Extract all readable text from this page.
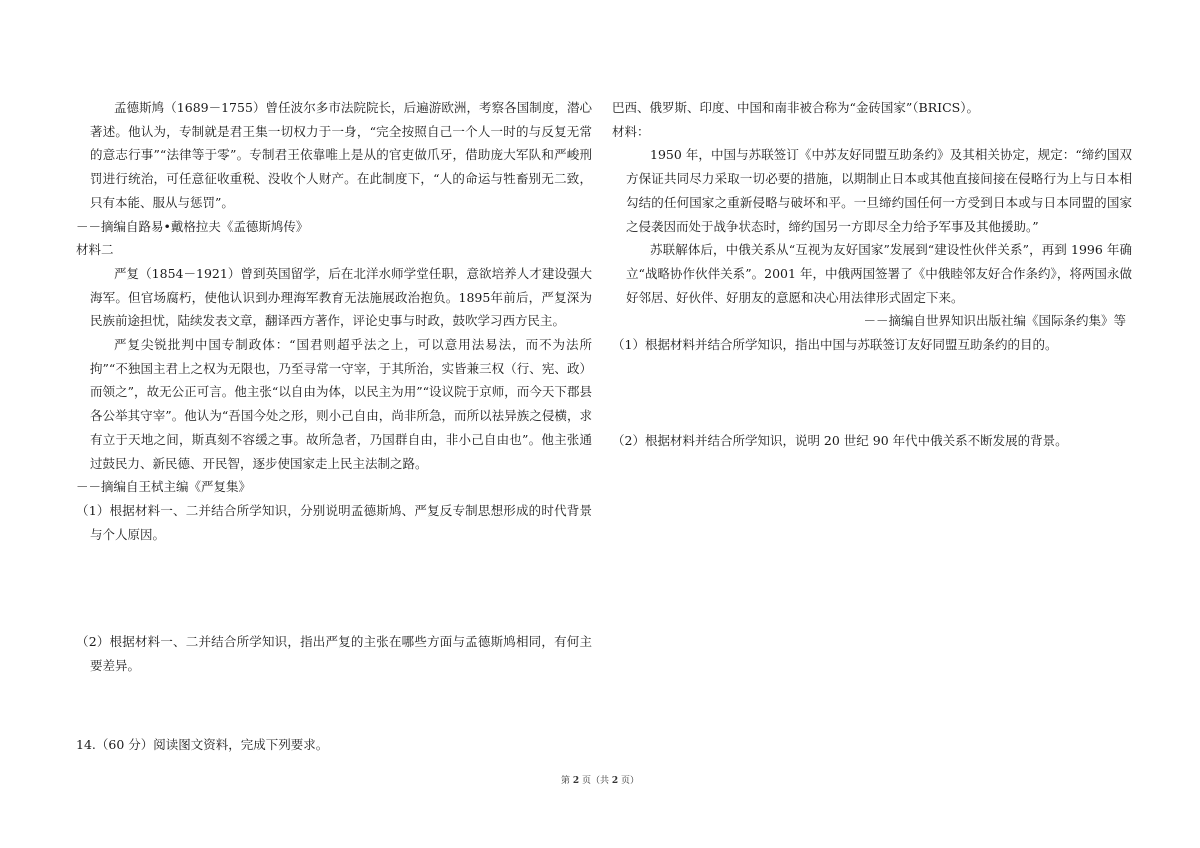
孟德斯鸠（1689－1755）曾任波尔多市法院院长，后遍游欧洲，考察各国制度，潜心著述。他认为，专制就是君王集一切权力于一身，“完全按照自己一个人一时的与反复无常的意志行事”“法律等于零”。专制君王依靠唯上是从的官吏做爪牙，借助庞大军队和严峻刑罚进行统治，可任意征收重税、没收个人财产。在此制度下，“人的命运与牲畜别无二致，只有本能、服从与惩罚”。

－－摘编自路易•戴格拉夫《孟德斯鸠传》

材料二

严复（1854－1921）曾到英国留学，后在北洋水师学堂任职，意欲培养人才建设强大海军。但官场腐朽，使他认识到办理海军教育无法施展政治抱负。1895年前后，严复深为民族前途担忧，陆续发表文章，翻译西方著作，评论史事与时政，鼓吹学习西方民主。

严复尖锐批判中国专制政体：“国君则超乎法之上，可以意用法易法，而不为法所拘”“不独国主君上之权为无限也，乃至寻常一守宰，于其所治，实皆兼三权（行、宪、政）而领之”，故无公正可言。他主张“以自由为体，以民主为用”“设议院于京师，而今天下郡县各公举其守宰”。他认为“吾国今处之形，则小己自由，尚非所急，而所以祛异族之侵横，求有立于天地之间，斯真刻不容缓之事。故所急者，乃国群自由，非小己自由也”。他主张通过鼓民力、新民德、开民智，逐步使国家走上民主法制之路。

－－摘编自王栻主编《严复集》

（1）根据材料一、二并结合所学知识，分别说明孟德斯鸠、严复反专制思想形成的时代背景与个人原因。

（2）根据材料一、二并结合所学知识，指出严复的主张在哪些方面与孟德斯鸠相同，有何主要差异。

巴西、俄罗斯、印度、中国和南非被合称为“金砖国家”（BRICS）。

材料：

1950 年，中国与苏联签订《中苏友好同盟互助条约》及其相关协定，规定：“缔约国双方保证共同尽力采取一切必要的措施，以期制止日本或其他直接间接在侵略行为上与日本相勾结的任何国家之重新侵略与破坏和平。一旦缔约国任何一方受到日本或与日本同盟的国家之侵袭因而处于战争状态时，缔约国另一方即尽全力给予军事及其他援助。”

苏联解体后，中俄关系从“互视为友好国家”发展到“建设性伙伴关系”，再到 1996 年确立“战略协作伙伴关系”。2001 年，中俄两国签署了《中俄睦邻友好合作条约》，将两国永做好邻居、好伙伴、好朋友的意愿和决心用法律形式固定下来。

－－摘编自世界知识出版社编《国际条约集》等

（1）根据材料并结合所学知识，指出中国与苏联签订友好同盟互助条约的目的。

（2）根据材料并结合所学知识，说明 20 世纪 90 年代中俄关系不断发展的背景。

14.（60 分）阅读图文资料，完成下列要求。
第 2 页（共 2 页）
